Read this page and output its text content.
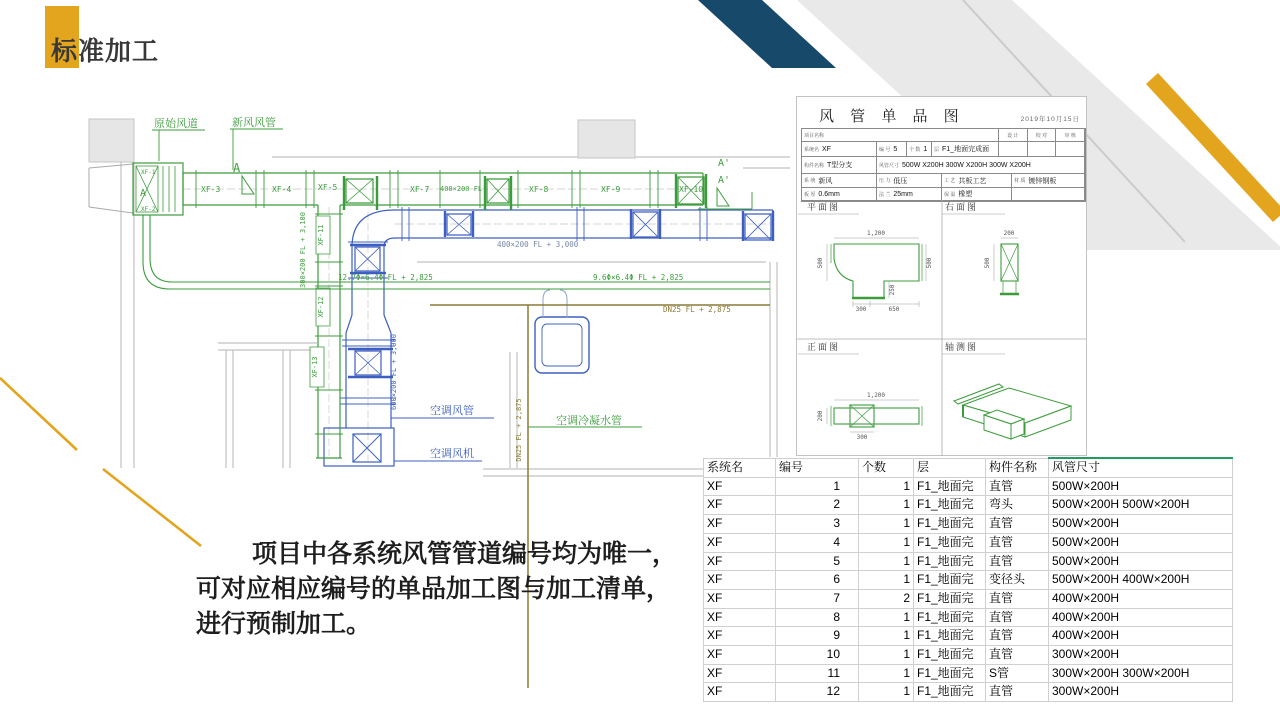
XF-3	XF-4	XF-5	XF-7	XF-8	XF-9	XF-10
400×200 FL
XF-11
XF-12
XF-13
300×200 FL + 3,100
XF-1
A
XF-2
A	A'
A'
12.7Φ×6.4Φ FL + 2,825	9.6Φ×6.4Φ FL + 2,825
原始风道	新风风管
空调冷凝水管
空调风管
空调风机
400×200 FL + 3,000
600×200 FL + 3,000
DN25 FL + 2,875
DN25 FL + 2,875
风 管 单 品 图	2019年10月15日
项目名称	设 计	校 对	审 核
系统名 XF	编 号 5 个 数 1 层 F1_地面完成面
构件名称 T型分支	风管尺寸 500W X200H 300W X200H 300W X200H
系 统 新风	压 力 低压	工 艺 共板工艺	材 质 镀锌钢板
板 厚 0.6mm	法 兰 25mm	保 温 橡塑
平面图	右面图
正面图	轴测图
1,200
500	500
250
300	650
200
500
1,200
200
300
系统名	编号	个数	层	构件名称	风管尺寸
XF	1	1	F1_地面完	直管	500W×200H
XF	2	1	F1_地面完	弯头	500W×200H 500W×200H
XF	3	1	F1_地面完	直管	500W×200H
XF	4	1	F1_地面完	直管	500W×200H
XF	5	1	F1_地面完	直管	500W×200H
XF	6	1	F1_地面完	变径头	500W×200H 400W×200H
XF	7	2	F1_地面完	直管	400W×200H
XF	8	1	F1_地面完	直管	400W×200H
XF	9	1	F1_地面完	直管	400W×200H
XF	10	1	F1_地面完	直管	300W×200H
XF	11	1	F1_地面完	S管	300W×200H 300W×200H
XF	12	1	F1_地面完	直管	300W×200H
标准加工
项目中各系统风管管道编号均为唯一，
可对应相应编号的单品加工图与加工清单，
进行预制加工。
